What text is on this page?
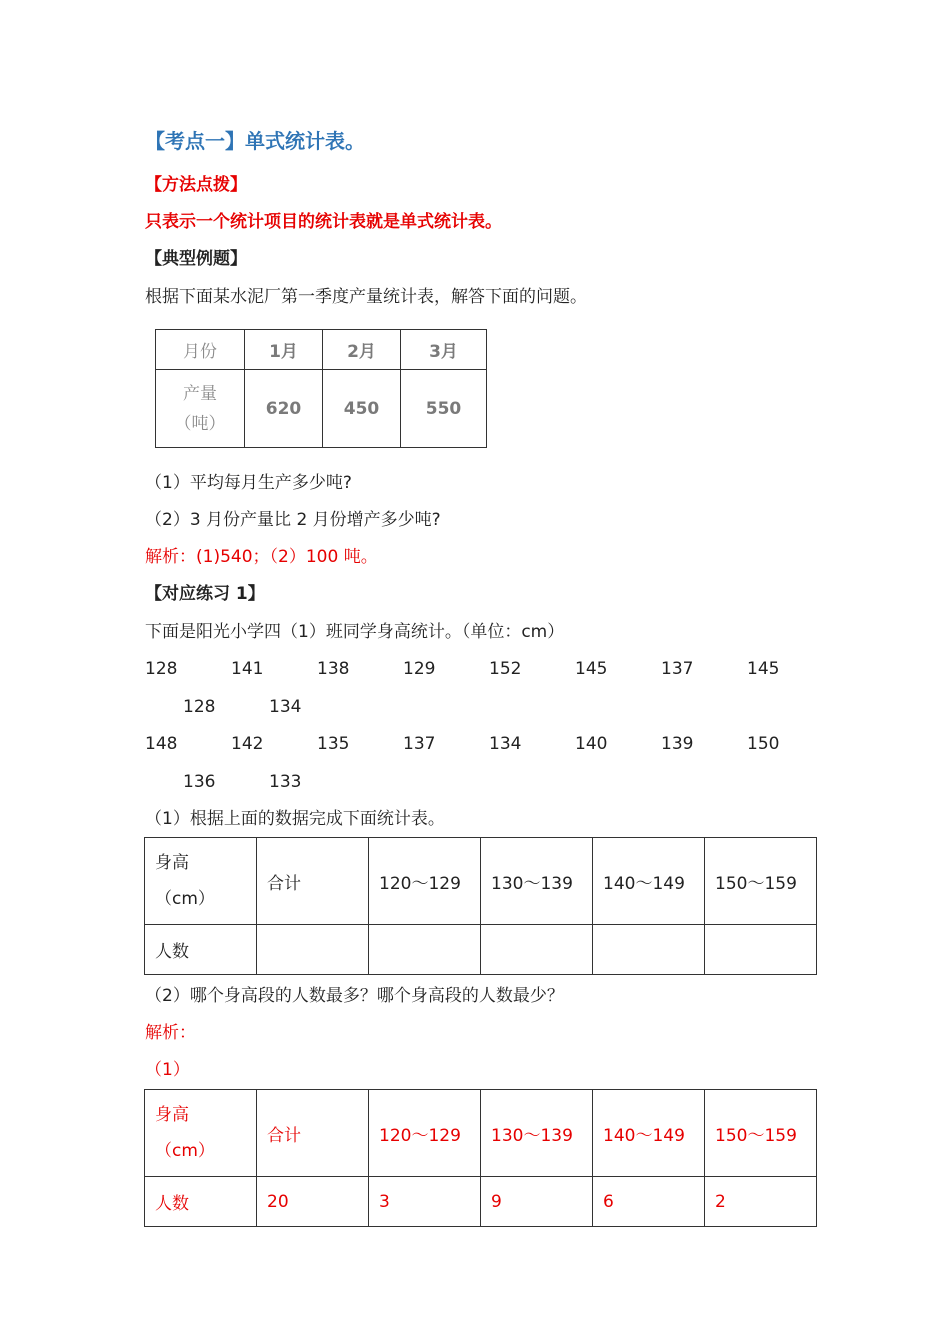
【考点一】单式统计表。
【方法点拨】
只表示一个统计项目的统计表就是单式统计表。
【典型例题】
根据下面某水泥厂第一季度产量统计表，解答下面的问题。
月份	1月	2月	3月

产量
（吨）	620	450	550
（1）平均每月生产多少吨?
（2）3 月份产量比 2 月份增产多少吨?
解析：(1)540；（2）100 吨。
【对应练习 1】
下面是阳光小学四（1）班同学身高统计。（单位：cm）
128	141	138	129	152	145	137	145
128	134
148	142	135	137	134	140	139	150
136	133
（1）根据上面的数据完成下面统计表。
身高
（cm）	合计	120～129	130～139	140～149	150～159
人数					
（2）哪个身高段的人数最多？哪个身高段的人数最少？
解析：
（1）
身高
（cm）	合计	120～129	130～139	140～149	150～159
人数	20	3	9	6	2
